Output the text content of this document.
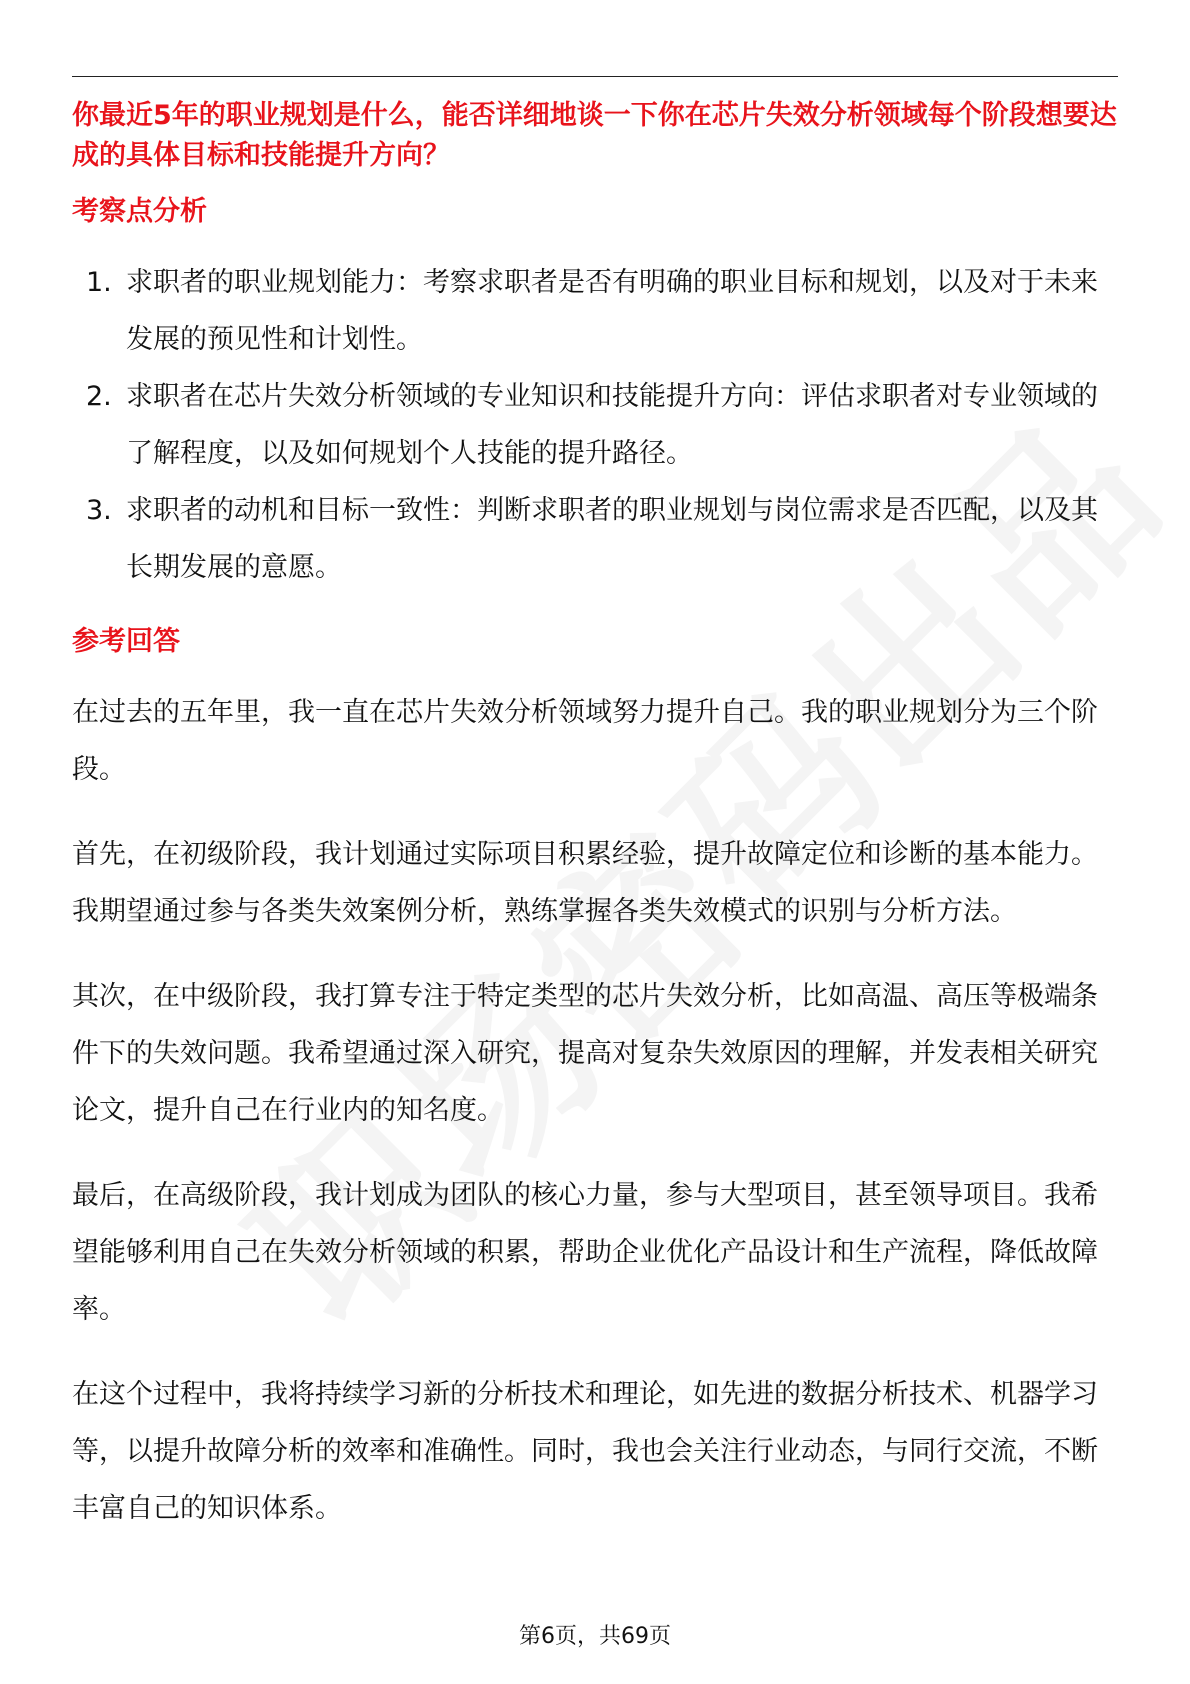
你最近5年的职业规划是什么，能否详细地谈一下你在芯片失效分析领域每个阶段想要达成的具体目标和技能提升方向？

考察点分析
1. 求职者的职业规划能力：考察求职者是否有明确的职业目标和规划，以及对于未来发展的预见性和计划性。
2. 求职者在芯片失效分析领域的专业知识和技能提升方向：评估求职者对专业领域的了解程度，以及如何规划个人技能的提升路径。
3. 求职者的动机和目标一致性：判断求职者的职业规划与岗位需求是否匹配，以及其长期发展的意愿。
参考回答

在过去的五年里，我一直在芯片失效分析领域努力提升自己。我的职业规划分为三个阶段。

首先，在初级阶段，我计划通过实际项目积累经验，提升故障定位和诊断的基本能力。我期望通过参与各类失效案例分析，熟练掌握各类失效模式的识别与分析方法。

其次，在中级阶段，我打算专注于特定类型的芯片失效分析，比如高温、高压等极端条件下的失效问题。我希望通过深入研究，提高对复杂失效原因的理解，并发表相关研究论文，提升自己在行业内的知名度。

最后，在高级阶段，我计划成为团队的核心力量，参与大型项目，甚至领导项目。我希望能够利用自己在失效分析领域的积累，帮助企业优化产品设计和生产流程，降低故障率。

在这个过程中，我将持续学习新的分析技术和理论，如先进的数据分析技术、机器学习等，以提升故障分析的效率和准确性。同时，我也会关注行业动态，与同行交流，不断丰富自己的知识体系。

第6页，共69页
